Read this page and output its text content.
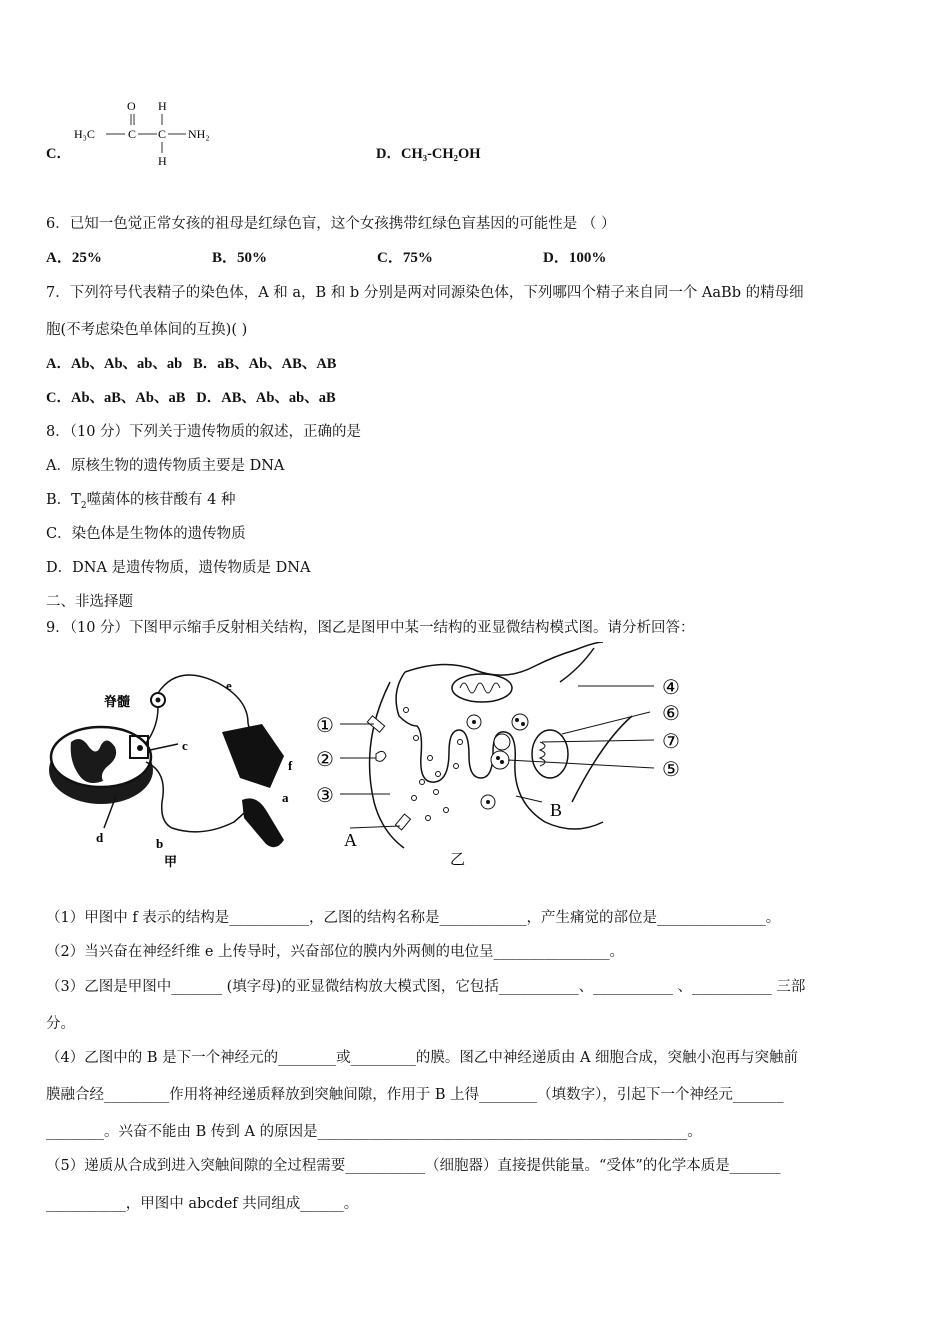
C．
O H
H₃C	C C NH₂
H	D．CH₃-CH₂OH
6．已知一色觉正常女孩的祖母是红绿色盲，这个女孩携带红绿色盲基因的可能性是 （ ）
A．25%	B．50%	C．75%	D．100%
7．下列符号代表精子的染色体，A 和 a，B 和 b 分别是两对同源染色体，下列哪四个精子来自同一个 AaBb 的精母细
胞(不考虑染色单体间的互换)( )
A．Ab、Ab、ab、ab   B．aB、Ab、AB、AB
C．Ab、aB、Ab、aB   D．AB、Ab、ab、aB
8．（10 分）下列关于遗传物质的叙述，正确的是
A．原核生物的遗传物质主要是 DNA
B．$T_2$噬菌体的核苷酸有 4 种
C．染色体是生物体的遗传物质
D．DNA 是遗传物质，遗传物质是 DNA
二、非选择题
9．（10 分）下图甲示缩手反射相关结构，图乙是图甲中某一结构的亚显微结构模式图。请分析回答：
脊髓
e
f
c
b
a
d
甲
①
②
③
A
④
⑥
⑦
⑤
B
乙
（1）甲图中 f 表示的结构是___________，乙图的结构名称是____________，产生痛觉的部位是_______________。
（2）当兴奋在神经纤维 e 上传导时，兴奋部位的膜内外两侧的电位呈________________。
（3）乙图是甲图中_______ (填字母)的亚显微结构放大模式图，它包括___________、___________ 、___________ 三部
分。
（4）乙图中的 B 是下一个神经元的________或_________的膜。图乙中神经递质由 A 细胞合成，突触小泡再与突触前
膜融合经_________作用将神经递质释放到突触间隙，作用于 B 上得________（填数字），引起下一个神经元_______
________。兴奋不能由 B 传到 A 的原因是___________________________________________________。
（5）递质从合成到进入突触间隙的全过程需要___________（细胞器）直接提供能量。“受体”的化学本质是_______
___________，甲图中 abcdef 共同组成______。
